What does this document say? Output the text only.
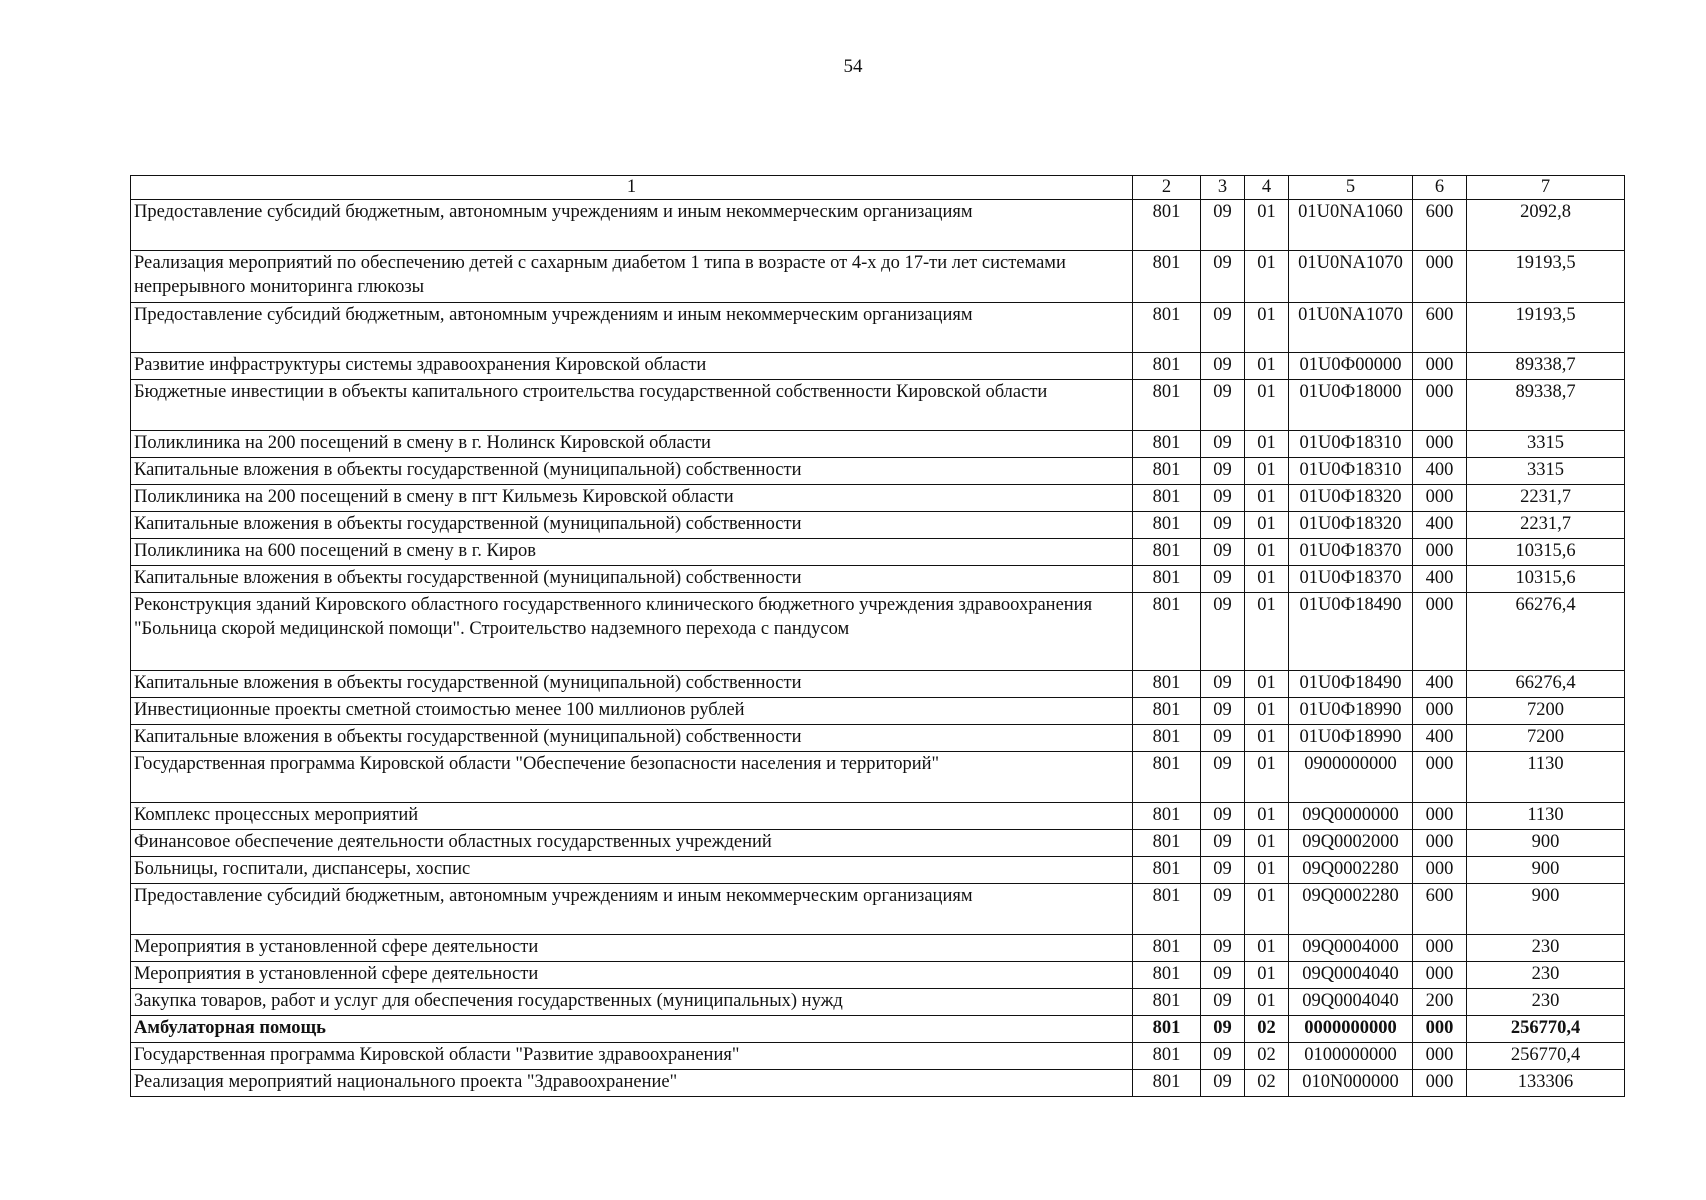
54
1	2	3	4	5	6	7
Предоставление субсидий бюджетным, автономным учреждениям и иным некоммерческим организациям	801	09	01	01U0NA1060	600	2092,8
Реализация мероприятий по обеспечению детей с сахарным диабетом 1 типа в возрасте от 4-х до 17-ти лет системами непрерывного мониторинга глюкозы	801	09	01	01U0NA1070	000	19193,5
Предоставление субсидий бюджетным, автономным учреждениям и иным некоммерческим организациям	801	09	01	01U0NA1070	600	19193,5
Развитие инфраструктуры системы здравоохранения Кировской области	801	09	01	01U0Ф00000	000	89338,7
Бюджетные инвестиции в объекты капитального строительства государственной собственности Кировской области	801	09	01	01U0Ф18000	000	89338,7
Поликлиника на 200 посещений в смену в г. Нолинск Кировской области	801	09	01	01U0Ф18310	000	3315
Капитальные вложения в объекты государственной (муниципальной) собственности	801	09	01	01U0Ф18310	400	3315
Поликлиника на 200 посещений в смену в пгт Кильмезь Кировской области	801	09	01	01U0Ф18320	000	2231,7
Капитальные вложения в объекты государственной (муниципальной) собственности	801	09	01	01U0Ф18320	400	2231,7
Поликлиника на 600 посещений в смену в г. Киров	801	09	01	01U0Ф18370	000	10315,6
Капитальные вложения в объекты государственной (муниципальной) собственности	801	09	01	01U0Ф18370	400	10315,6
Реконструкция зданий Кировского областного государственного клинического бюджетного учреждения здравоохранения "Больница скорой медицинской помощи". Строительство надземного перехода с пандусом	801	09	01	01U0Ф18490	000	66276,4
Капитальные вложения в объекты государственной (муниципальной) собственности	801	09	01	01U0Ф18490	400	66276,4
Инвестиционные проекты сметной стоимостью менее 100 миллионов рублей	801	09	01	01U0Ф18990	000	7200
Капитальные вложения в объекты государственной (муниципальной) собственности	801	09	01	01U0Ф18990	400	7200
Государственная программа Кировской области "Обеспечение безопасности населения и территорий"	801	09	01	0900000000	000	1130
Комплекс процессных мероприятий	801	09	01	09Q0000000	000	1130
Финансовое обеспечение деятельности областных государственных учреждений	801	09	01	09Q0002000	000	900
Больницы, госпитали, диспансеры, хоспис	801	09	01	09Q0002280	000	900
Предоставление субсидий бюджетным, автономным учреждениям и иным некоммерческим организациям	801	09	01	09Q0002280	600	900
Мероприятия в установленной сфере деятельности	801	09	01	09Q0004000	000	230
Мероприятия в установленной сфере деятельности	801	09	01	09Q0004040	000	230
Закупка товаров, работ и услуг для обеспечения государственных (муниципальных) нужд	801	09	01	09Q0004040	200	230
Амбулаторная помощь	801	09	02	0000000000	000	256770,4
Государственная программа Кировской области "Развитие здравоохранения"	801	09	02	0100000000	000	256770,4
Реализация мероприятий национального проекта "Здравоохранение"	801	09	02	010N000000	000	133306
